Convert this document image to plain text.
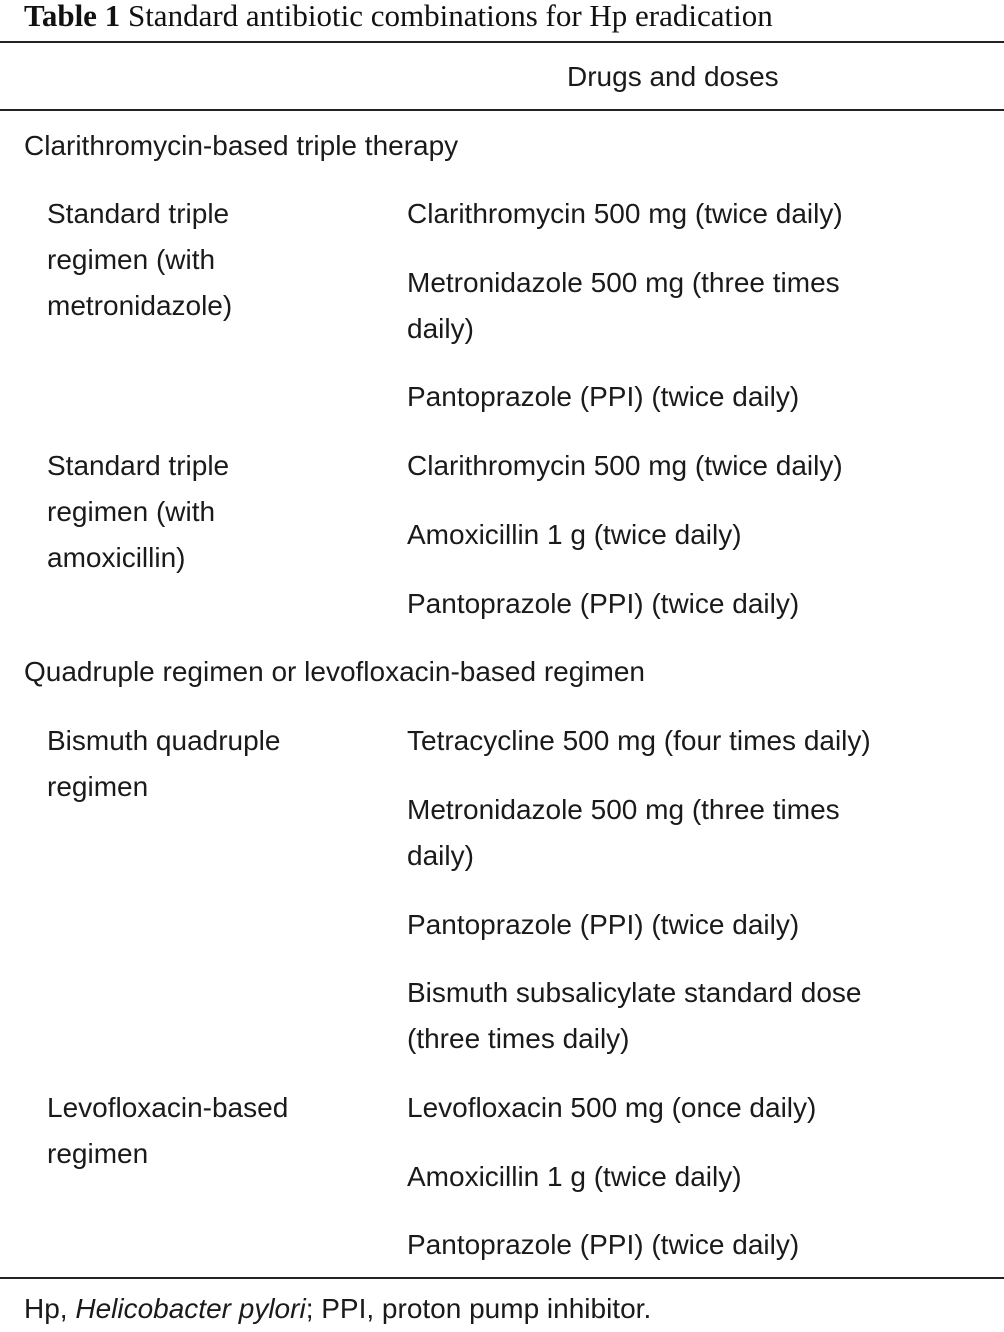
Table 1 Standard antibiotic combinations for Hp eradication
Drugs and doses
Clarithromycin-based triple therapy
Standard triple
regimen (with
metronidazole)
Clarithromycin 500 mg (twice daily)
Metronidazole 500 mg (three times
daily)
Pantoprazole (PPI) (twice daily)
Standard triple
regimen (with
amoxicillin)
Clarithromycin 500 mg (twice daily)
Amoxicillin 1 g (twice daily)
Pantoprazole (PPI) (twice daily)
Quadruple regimen or levofloxacin-based regimen
Bismuth quadruple
regimen
Tetracycline 500 mg (four times daily)
Metronidazole 500 mg (three times
daily)
Pantoprazole (PPI) (twice daily)
Bismuth subsalicylate standard dose
(three times daily)
Levofloxacin-based
regimen
Levofloxacin 500 mg (once daily)
Amoxicillin 1 g (twice daily)
Pantoprazole (PPI) (twice daily)
Hp, Helicobacter pylori; PPI, proton pump inhibitor.
